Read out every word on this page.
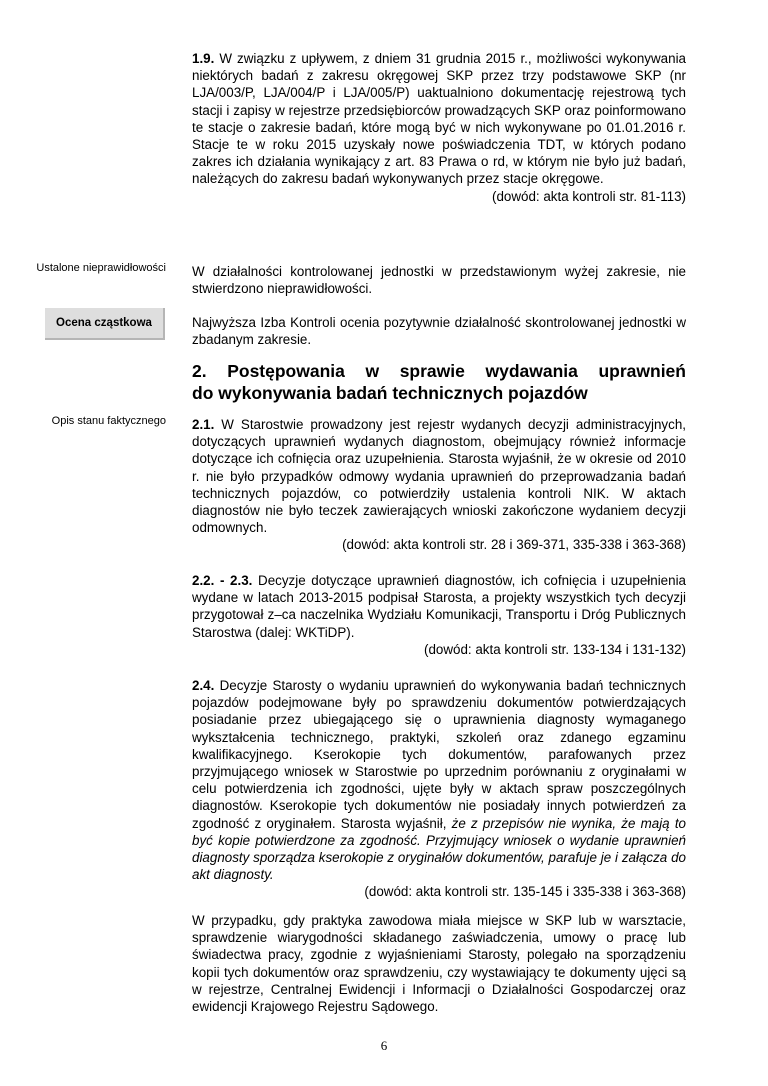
1.9. W związku z upływem, z dniem 31 grudnia 2015 r., możliwości wykonywania niektórych badań z zakresu okręgowej SKP przez trzy podstawowe SKP (nr LJA/003/P, LJA/004/P i LJA/005/P) uaktualniono dokumentację rejestrową tych stacji i zapisy w rejestrze przedsiębiorców prowadzących SKP oraz poinformowano te stacje o zakresie badań, które mogą być w nich wykonywane po 01.01.2016 r. Stacje te w roku 2015 uzyskały nowe poświadczenia TDT, w których podano zakres ich działania wynikający z art. 83 Prawa o rd, w którym nie było już badań, należących do zakresu badań wykonywanych przez stacje okręgowe.

(dowód: akta kontroli str. 81-113)

Ustalone nieprawidłowości W działalności kontrolowanej jednostki w przedstawionym wyżej zakresie, nie stwierdzono nieprawidłowości.

Ocena cząstkowa	Najwyższa Izba Kontroli ocenia pozytywnie działalność skontrolowanej jednostki w zbadanym zakresie.

2. Postępowania w sprawie wydawania uprawnień
do wykonywania badań technicznych pojazdów
Opis stanu faktycznego 2.1. W Starostwie prowadzony jest rejestr wydanych decyzji administracyjnych, dotyczących uprawnień wydanych diagnostom, obejmujący również informacje dotyczące ich cofnięcia oraz uzupełnienia. Starosta wyjaśnił, że w okresie od 2010 r. nie było przypadków odmowy wydania uprawnień do przeprowadzania badań technicznych pojazdów, co potwierdziły ustalenia kontroli NIK. W aktach diagnostów nie było teczek zawierających wnioski zakończone wydaniem decyzji odmownych.

(dowód: akta kontroli str. 28 i 369-371, 335-338 i 363-368)

2.2. - 2.3. Decyzje dotyczące uprawnień diagnostów, ich cofnięcia i uzupełnienia wydane w latach 2013-2015 podpisał Starosta, a projekty wszystkich tych decyzji przygotował z–ca naczelnika Wydziału Komunikacji, Transportu i Dróg Publicznych Starostwa (dalej: WKTiDP).

(dowód: akta kontroli str. 133-134 i 131-132)

2.4. Decyzje Starosty o wydaniu uprawnień do wykonywania badań technicznych pojazdów podejmowane były po sprawdzeniu dokumentów potwierdzających posiadanie przez ubiegającego się o uprawnienia diagnosty wymaganego wykształcenia technicznego, praktyki, szkoleń oraz zdanego egzaminu kwalifikacyjnego. Kserokopie tych dokumentów, parafowanych przez przyjmującego wniosek w Starostwie po uprzednim porównaniu z oryginałami w celu potwierdzenia ich zgodności, ujęte były w aktach spraw poszczególnych diagnostów. Kserokopie tych dokumentów nie posiadały innych potwierdzeń za zgodność z oryginałem. Starosta wyjaśnił, że z przepisów nie wynika, że mają to być kopie potwierdzone za zgodność. Przyjmujący wniosek o wydanie uprawnień diagnosty sporządza kserokopie z oryginałów dokumentów, parafuje je i załącza do akt diagnosty.

(dowód: akta kontroli str. 135-145 i 335-338 i 363-368)

W przypadku, gdy praktyka zawodowa miała miejsce w SKP lub w warsztacie, sprawdzenie wiarygodności składanego zaświadczenia, umowy o pracę lub świadectwa pracy, zgodnie z wyjaśnieniami Starosty, polegało na sporządzeniu kopii tych dokumentów oraz sprawdzeniu, czy wystawiający te dokumenty ujęci są w rejestrze, Centralnej Ewidencji i Informacji o Działalności Gospodarczej oraz ewidencji Krajowego Rejestru Sądowego.

6
